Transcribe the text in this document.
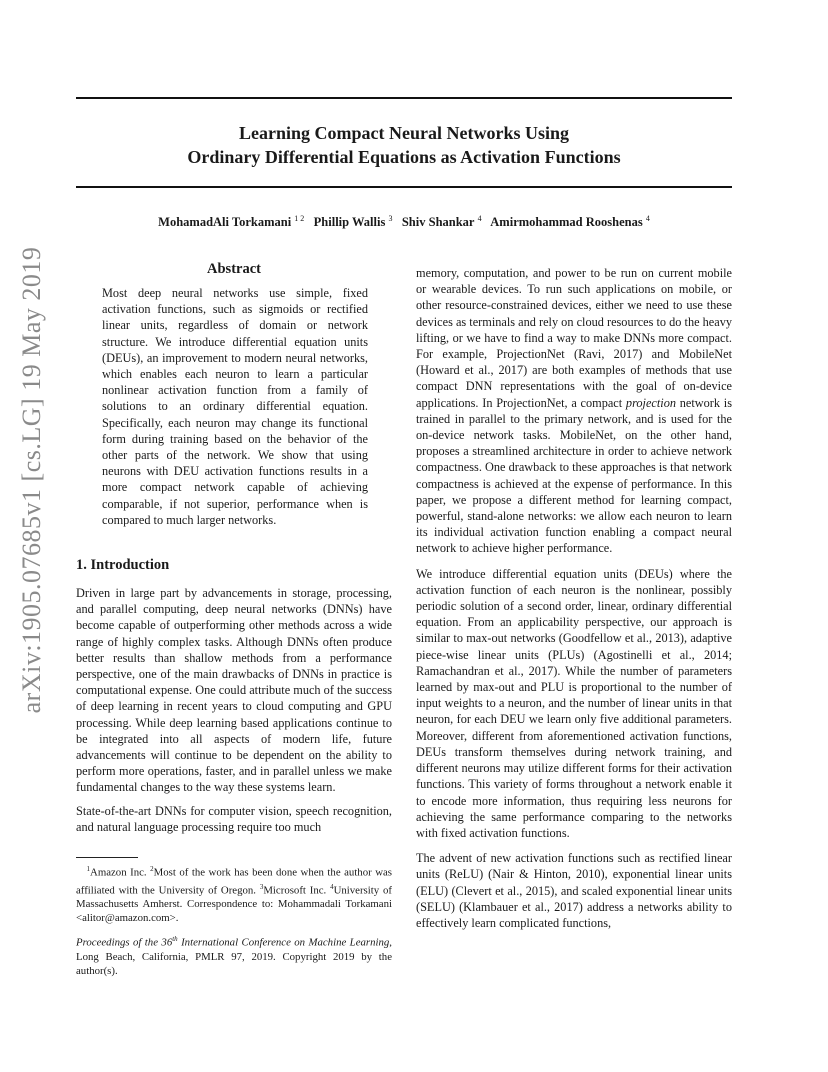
arXiv:1905.07685v1 [cs.LG] 19 May 2019
Learning Compact Neural Networks Using
Ordinary Differential Equations as Activation Functions
MohamadAli Torkamani $^{1 2}$ Phillip Wallis $^3$ Shiv Shankar $^4$ Amirmohammad Rooshenas $^4$
Abstract

Most deep neural networks use simple, fixed activation functions, such as sigmoids or rectified linear units, regardless of domain or network structure. We introduce differential equation units (DEUs), an improvement to modern neural networks, which enables each neuron to learn a particular nonlinear activation function from a family of solutions to an ordinary differential equation. Specifically, each neuron may change its functional form during training based on the behavior of the other parts of the network. We show that using neurons with DEU activation functions results in a more compact network capable of achieving comparable, if not superior, performance when is compared to much larger networks.

1. Introduction

Driven in large part by advancements in storage, processing, and parallel computing, deep neural networks (DNNs) have become capable of outperforming other methods across a wide range of highly complex tasks. Although DNNs often produce better results than shallow methods from a performance perspective, one of the main drawbacks of DNNs in practice is computational expense. One could attribute much of the success of deep learning in recent years to cloud computing and GPU processing. While deep learning based applications continue to be integrated into all aspects of modern life, future advancements will continue to be dependent on the ability to perform more operations, faster, and in parallel unless we make fundamental changes to the way these systems learn.

State-of-the-art DNNs for computer vision, speech recognition, and natural language processing require too much

$^1$Amazon Inc. $^2$Most of the work has been done when the author was affiliated with the University of Oregon. $^3$Microsoft Inc. $^4$University of Massachusetts Amherst. Correspondence to: Mohammadali Torkamani <alitor@amazon.com>.
Proceedings of the 36th International Conference on Machine Learning, Long Beach, California, PMLR 97, 2019. Copyright 2019 by the author(s).

memory, computation, and power to be run on current mobile or wearable devices. To run such applications on mobile, or other resource-constrained devices, either we need to use these devices as terminals and rely on cloud resources to do the heavy lifting, or we have to find a way to make DNNs more compact. For example, ProjectionNet (Ravi, 2017) and MobileNet (Howard et al., 2017) are both examples of methods that use compact DNN representations with the goal of on-device applications. In ProjectionNet, a compact projection network is trained in parallel to the primary network, and is used for the on-device network tasks. MobileNet, on the other hand, proposes a streamlined architecture in order to achieve network compactness. One drawback to these approaches is that network compactness is achieved at the expense of performance. In this paper, we propose a different method for learning compact, powerful, stand-alone networks: we allow each neuron to learn its individual activation function enabling a compact neural network to achieve higher performance.

We introduce differential equation units (DEUs) where the activation function of each neuron is the nonlinear, possibly periodic solution of a second order, linear, ordinary differential equation. From an applicability perspective, our approach is similar to max-out networks (Goodfellow et al., 2013), adaptive piece-wise linear units (PLUs) (Agostinelli et al., 2014; Ramachandran et al., 2017). While the number of parameters learned by max-out and PLU is proportional to the number of input weights to a neuron, and the number of linear units in that neuron, for each DEU we learn only five additional parameters. Moreover, different from aforementioned activation functions, DEUs transform themselves during network training, and different neurons may utilize different forms for their activation functions. This variety of forms throughout a network enable it to encode more information, thus requiring less neurons for achieving the same performance comparing to the networks with fixed activation functions.

The advent of new activation functions such as rectified linear units (ReLU) (Nair & Hinton, 2010), exponential linear units (ELU) (Clevert et al., 2015), and scaled exponential linear units (SELU) (Klambauer et al., 2017) address a networks ability to effectively learn complicated functions,
